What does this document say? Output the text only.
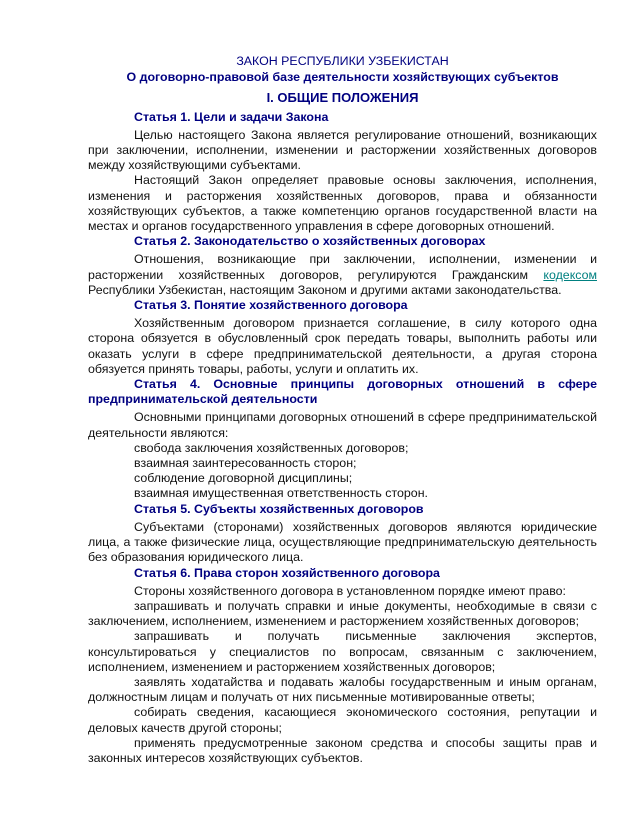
ЗАКОН РЕСПУБЛИКИ УЗБЕКИСТАН
О договорно-правовой базе деятельности хозяйствующих субъектов
I. ОБЩИЕ ПОЛОЖЕНИЯ
Статья 1. Цели и задачи Закона

Целью настоящего Закона является регулирование отношений, возникающих при заключении, исполнении, изменении и расторжении хозяйственных договоров между хозяйствующими субъектами.

Настоящий Закон определяет правовые основы заключения, исполнения, изменения и расторжения хозяйственных договоров, права и обязанности хозяйствующих субъектов, а также компетенцию органов государственной власти на местах и органов государственного управления в сфере договорных отношений.

Статья 2. Законодательство о хозяйственных договорах

Отношения, возникающие при заключении, исполнении, изменении и расторжении хозяйственных договоров, регулируются Гражданским кодексом Республики Узбекистан, настоящим Законом и другими актами законодательства.

Статья 3. Понятие хозяйственного договора

Хозяйственным договором признается соглашение, в силу которого одна сторона обязуется в обусловленный срок передать товары, выполнить работы или оказать услуги в сфере предпринимательской деятельности, а другая сторона обязуется принять товары, работы, услуги и оплатить их.

Статья 4. Основные принципы договорных отношений в сфере предпринимательской деятельности

Основными принципами договорных отношений в сфере предпринимательской деятельности являются:

свобода заключения хозяйственных договоров;
взаимная заинтересованность сторон;
соблюдение договорной дисциплины;
взаимная имущественная ответственность сторон.
Статья 5. Субъекты хозяйственных договоров

Субъектами (сторонами) хозяйственных договоров являются юридические лица, а также физические лица, осуществляющие предпринимательскую деятельность без образования юридического лица.

Статья 6. Права сторон хозяйственного договора

Стороны хозяйственного договора в установленном порядке имеют право:

запрашивать и получать справки и иные документы, необходимые в связи с заключением, исполнением, изменением и расторжением хозяйственных договоров;
запрашивать и получать письменные заключения экспертов, консультироваться у специалистов по вопросам, связанным с заключением, исполнением, изменением и расторжением хозяйственных договоров;
заявлять ходатайства и подавать жалобы государственным и иным органам, должностным лицам и получать от них письменные мотивированные ответы;
собирать сведения, касающиеся экономического состояния, репутации и деловых качеств другой стороны;
применять предусмотренные законом средства и способы защиты прав и законных интересов хозяйствующих субъектов.
